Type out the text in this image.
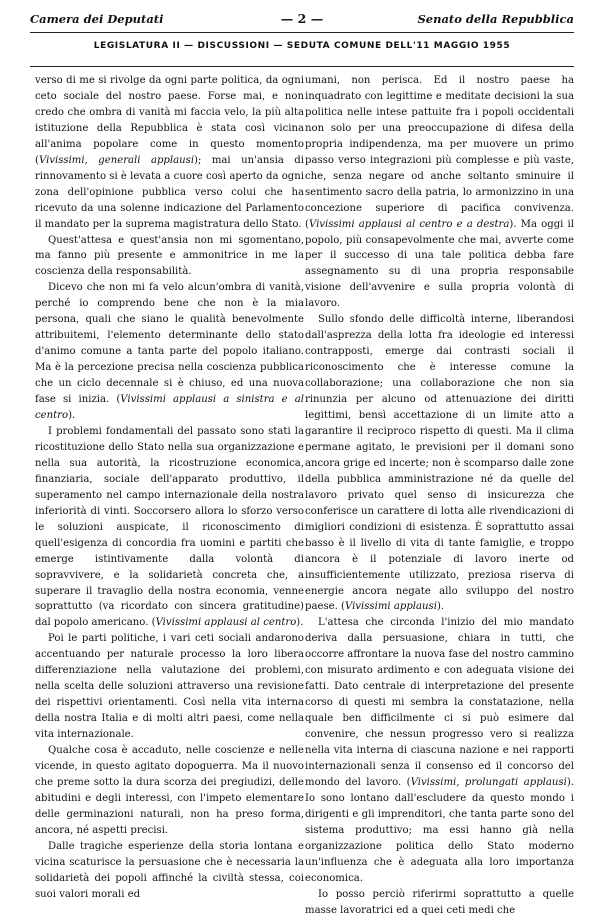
Camera dei Deputati	— 2 —	Senato della Repubblica
LEGISLATURA II — DISCUSSIONI — SEDUTA COMUNE DELL'11 MAGGIO 1955

verso di me si rivolge da ogni parte politica, da ogni ceto sociale del nostro paese. Forse mai, e non credo che ombra di vanità mi faccia velo, la più alta istituzione della Repubblica è stata così vicina all'anima popolare come in questo momento (Vivissimi, generali applausi); mai un'ansia di rinnovamento si è levata a cuore così aperto da ogni zona dell'opinione pubblica verso colui che ha ricevuto da una solenne indicazione del Parlamento il mandato per la suprema magistratura dello Stato.

Quest'attesa e quest'ansia non mi sgomentano, ma fanno più presente e ammonitrice in me la coscienza della responsabilità.

Dicevo che non mi fa velo alcun'ombra di vanità, perché io comprendo bene che non è la mia persona, quali che siano le qualità benevolmente attribuitemi, l'elemento determinante dello stato d'animo comune a tanta parte del popolo italiano. Ma è la percezione precisa nella coscienza pubblica che un ciclo decennale si è chiuso, ed una nuova fase si inizia. (Vivissimi applausi a sinistra e al centro).

I problemi fondamentali del passato sono stati la ricostituzione dello Stato nella sua organizzazione e nella sua autorità, la ricostruzione economica, finanziaria, sociale dell'apparato produttivo, il superamento nel campo internazionale della nostra inferiorità di vinti. Soccorsero allora lo sforzo verso le soluzioni auspicate, il riconoscimento di quell'esigenza di concordia fra uomini e partiti che emerge istintivamente dalla volontà di sopravvivere, e la solidarietà concreta che, a superare il travaglio della nostra economia, venne soprattutto (va ricordato con sincera gratitudine) dal popolo americano. (Vivissimi applausi al centro).

Poi le parti politiche, i vari ceti sociali andarono accentuando per naturale processo la loro libera differenziazione nella valutazione dei problemi, nella scelta delle soluzioni attraverso una revisione dei rispettivi orientamenti. Così nella vita interna della nostra Italia e di molti altri paesi, come nella vita internazionale.

Qualche cosa è accaduto, nelle coscienze e nelle vicende, in questo agitato dopoguerra. Ma il nuovo che preme sotto la dura scorza dei pregiudizi, delle abitudini e degli interessi, con l'impeto elementare delle germinazioni naturali, non ha preso forma, ancora, né aspetti precisi.

Dalle tragiche esperienze della storia lontana e vicina scaturisce la persuasione che è necessaria la solidarietà dei popoli affinché la civiltà stessa, coi suoi valori morali ed

umani, non perisca. Ed il nostro paese ha inquadrato con legittime e meditate decisioni la sua politica nelle intese pattuite fra i popoli occidentali non solo per una preoccupazione di difesa della propria indipendenza, ma per muovere un primo passo verso integrazioni più complesse e più vaste, che, senza negare od anche soltanto sminuire il sentimento sacro della patria, lo armonizzino in una concezione superiore di pacifica convivenza. (Vivissimi applausi al centro e a destra). Ma oggi il popolo, più consapevolmente che mai, avverte come per il successo di una tale politica debba fare assegnamento su di una propria responsabile visione dell'avvenire e sulla propria volontà di lavoro.

Sullo sfondo delle difficoltà interne, liberandosi dall'asprezza della lotta fra ideologie ed interessi contrapposti, emerge dai contrasti sociali il riconoscimento che è interesse comune la collaborazione; una collaborazione che non sia rinunzia per alcuno od attenuazione dei diritti legittimi, bensì accettazione di un limite atto a garantire il reciproco rispetto di questi. Ma il clima permane agitato, le previsioni per il domani sono ancora grige ed incerte; non è scomparso dalle zone della pubblica amministrazione né da quelle del lavoro privato quel senso di insicurezza che conferisce un carattere di lotta alle rivendicazioni di migliori condizioni di esistenza. È soprattutto assai basso è il livello di vita di tante famiglie, e troppo ancora è il potenziale di lavoro inerte od insufficientemente utilizzato, preziosa riserva di energie ancora negate allo sviluppo del nostro paese. (Vivissimi applausi).

L'attesa che circonda l'inizio del mio mandato deriva dalla persuasione, chiara in tutti, che occorre affrontare la nuova fase del nostro cammino con misurato ardimento e con adeguata visione dei fatti. Dato centrale di interpretazione del presente corso di questi mi sembra la constatazione, nella quale ben difficilmente ci si può esimere dal convenire, che nessun progresso vero si realizza nella vita interna di ciascuna nazione e nei rapporti internazionali senza il consenso ed il concorso del mondo del lavoro. (Vivissimi, prolungati applausi). Io sono lontano dall'escludere da questo mondo i dirigenti e gli imprenditori, che tanta parte sono del sistema produttivo; ma essi hanno già nella organizzazione politica dello Stato moderno un'influenza che è adeguata alla loro importanza economica.

Io posso perciò riferirmi soprattutto a quelle masse lavoratrici ed a quei ceti medi che
